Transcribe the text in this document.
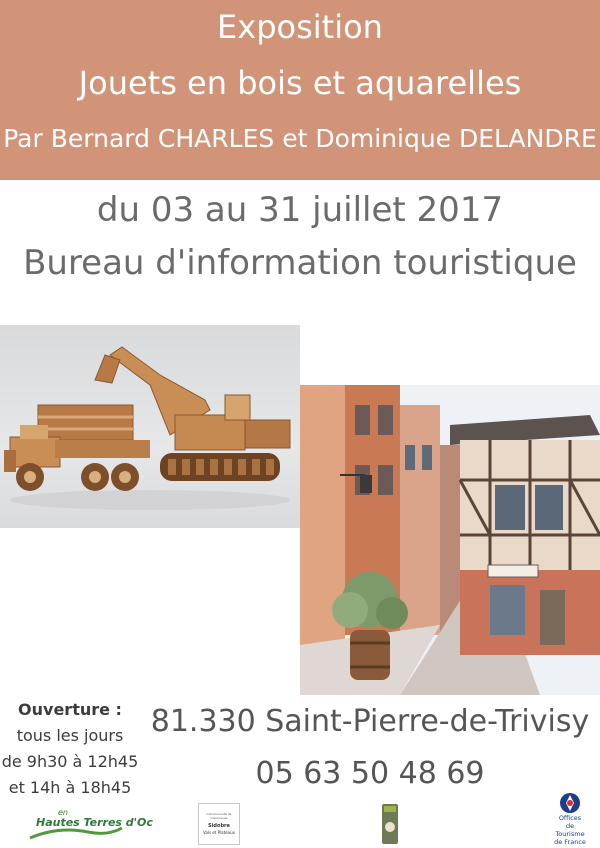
Exposition
Jouets en bois et aquarelles
Par Bernard CHARLES et Dominique DELANDRE
du 03 au 31 juillet 2017
Bureau d'information touristique
Ouverture :
tous les jours
de 9h30 à 12h45
et 14h à 18h45
81.330 Saint-Pierre-de-Trivisy
05 63 50 48 69
en
Hautes Terres d'Oc
Communauté de Communes
Sidobre
Vals et Plateaux
Offices
de
Tourisme
de France
